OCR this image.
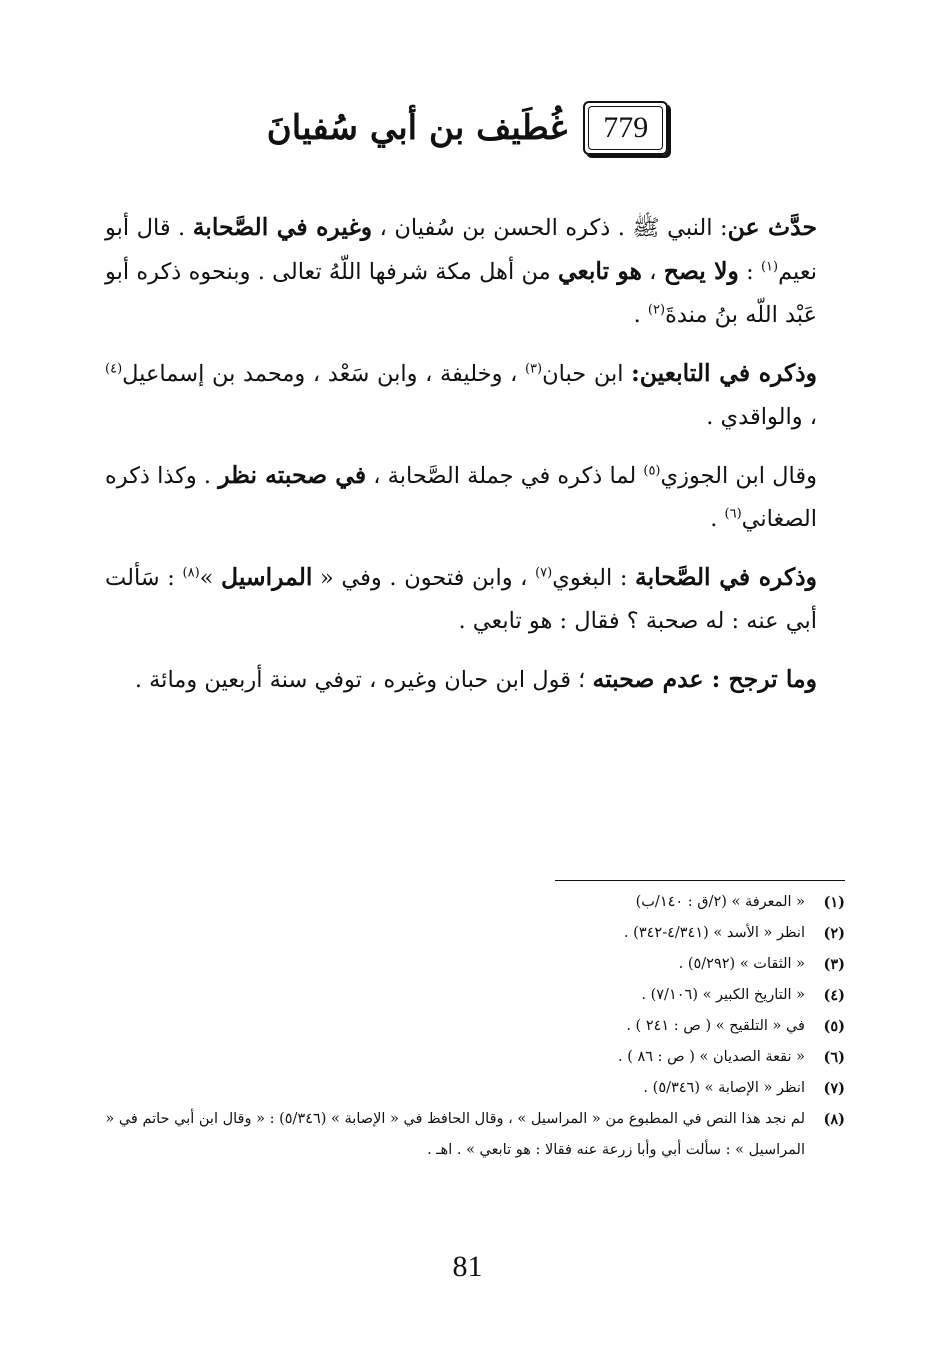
779
غُطَيف بن أبي سُفيانَ

حدَّث عن: النبي ﷺ . ذكره الحسن بن سُفيان ، وغيره في الصَّحابة . قال أبو نعيم$^{(١)}$ : ولا يصح ، هو تابعي من أهل مكة شرفها اللّهُ تعالى . وبنحوه ذكره أبو عَبْد اللّه بنُ مندةَ$^{(٢)}$ .

وذكره في التابعين: ابن حبان$^{(٣)}$ ، وخليفة ، وابن سَعْد ، ومحمد بن إسماعيل$^{(٤)}$ ، والواقدي .

وقال ابن الجوزي$^{(٥)}$ لما ذكره في جملة الصَّحابة ، في صحبته نظر . وكذا ذكره الصغاني$^{(٦)}$ .

وذكره في الصَّحابة : البغوي$^{(٧)}$ ، وابن فتحون . وفي « المراسيل »$^{(٨)}$ : سَألت أبي عنه : له صحبة ؟ فقال : هو تابعي .

وما ترجح : عدم صحبته ؛ قول ابن حبان وغيره ، توفي سنة أربعين ومائة .

(١)
« المعرفة » (٢/ق : ١٤٠/ب)
(٢)
انظر « الأسد » (٤/٣٤١-٣٤٢) .
(٣)
« الثقات » (٥/٢٩٢) .
(٤)
« التاريخ الكبير » (٧/١٠٦) .
(٥)
في « التلقيح » ( ص : ٢٤١ ) .
(٦)
« نقعة الصديان » ( ص : ٨٦ ) .
(٧)
انظر « الإصابة » (٥/٣٤٦) .
(٨)
لم نجد هذا النص في المطبوع من « المراسيل » ، وقال الحافظ في « الإصابة » (٥/٣٤٦) : « وقال ابن أبي حاتم في « المراسيل » : سألت أبي وأبا زرعة عنه فقالا : هو تابعي » . اهـ .
81
